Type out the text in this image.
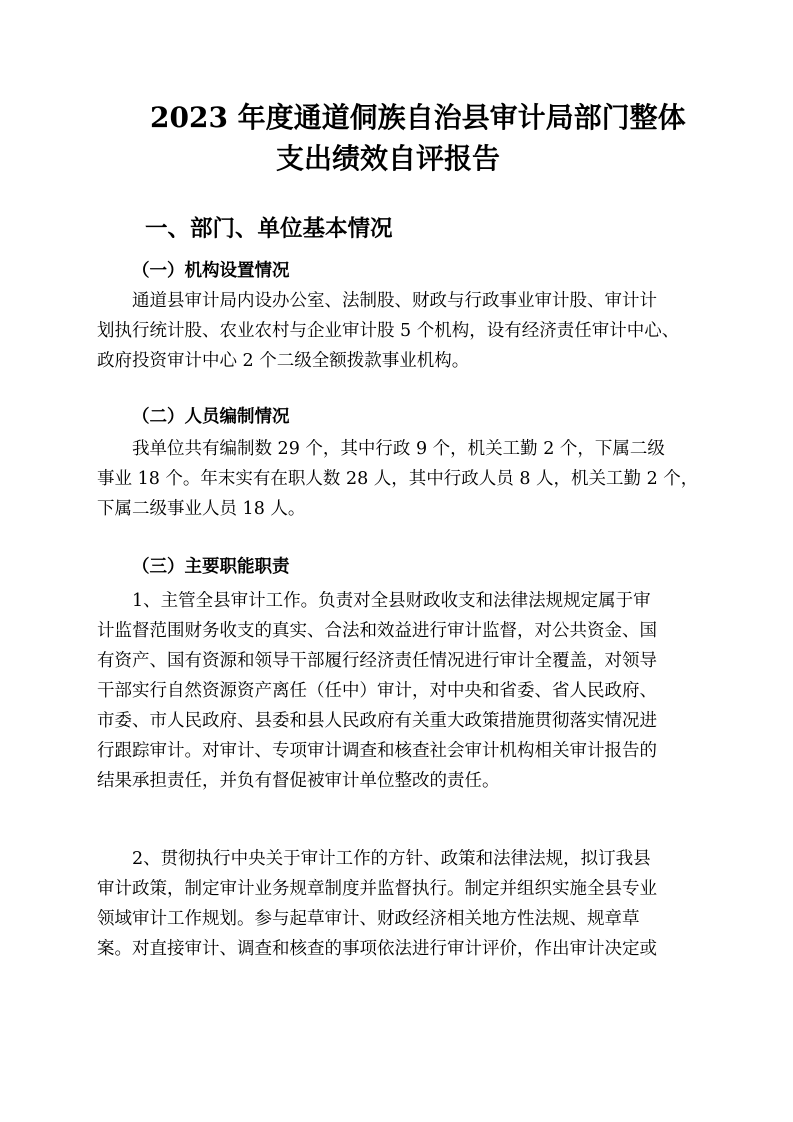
2023 年度通道侗族自治县审计局部门整体
支出绩效自评报告
一、部门、单位基本情况
（一）机构设置情况
通道县审计局内设办公室、法制股、财政与行政事业审计股、审计计
划执行统计股、农业农村与企业审计股 5 个机构，设有经济责任审计中心、
政府投资审计中心 2 个二级全额拨款事业机构。
（二）人员编制情况
我单位共有编制数 29 个，其中行政 9 个，机关工勤 2 个，下属二级
事业 18 个。年末实有在职人数 28 人，其中行政人员 8 人，机关工勤 2 个，
下属二级事业人员 18 人。
（三）主要职能职责
1、主管全县审计工作。负责对全县财政收支和法律法规规定属于审
计监督范围财务收支的真实、合法和效益进行审计监督，对公共资金、国
有资产、国有资源和领导干部履行经济责任情况进行审计全覆盖，对领导
干部实行自然资源资产离任（任中）审计，对中央和省委、省人民政府、
市委、市人民政府、县委和县人民政府有关重大政策措施贯彻落实情况进
行跟踪审计。对审计、专项审计调查和核查社会审计机构相关审计报告的
结果承担责任，并负有督促被审计单位整改的责任。
2、贯彻执行中央关于审计工作的方针、政策和法律法规，拟订我县
审计政策，制定审计业务规章制度并监督执行。制定并组织实施全县专业
领域审计工作规划。参与起草审计、财政经济相关地方性法规、规章草
案。对直接审计、调查和核查的事项依法进行审计评价，作出审计决定或
